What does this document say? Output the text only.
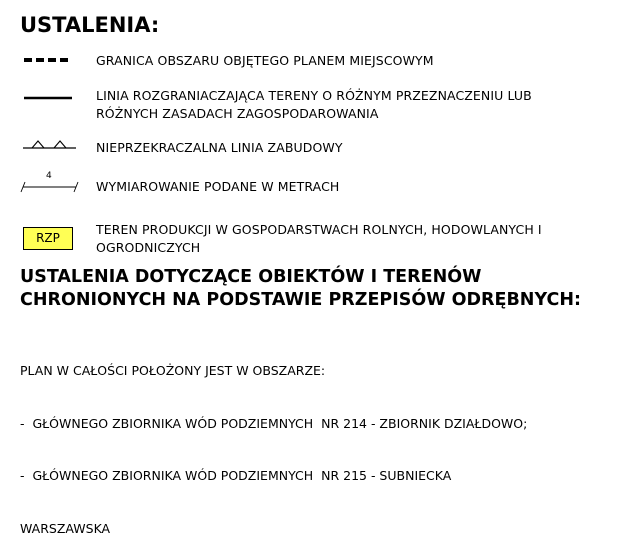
USTALENIA:
GRANICA OBSZARU OBJĘTEGO PLANEM MIEJSCOWYM
LINIA ROZGRANIACZAJĄCA TERENY O RÓŻNYM PRZEZNACZENIU LUB
RÓŻNYCH ZASADACH ZAGOSPODAROWANIA
NIEPRZEKRACZALNA LINIA ZABUDOWY
4
WYMIAROWANIE PODANE W METRACH
RZP
TEREN PRODUKCJI W GOSPODARSTWACH ROLNYCH, HODOWLANYCH I
OGRODNICZYCH
USTALENIA DOTYCZĄCE OBIEKTÓW I TERENÓW
CHRONIONYCH NA PODSTAWIE PRZEPISÓW ODRĘBNYCH:

PLAN W CAŁOŚCI POŁOŻONY JEST W OBSZARZE:

-  GŁÓWNEGO ZBIORNIKA WÓD PODZIEMNYCH  NR 214 - ZBIORNIK DZIAŁDOWO;

-  GŁÓWNEGO ZBIORNIKA WÓD PODZIEMNYCH  NR 215 - SUBNIECKA

WARSZAWSKA
